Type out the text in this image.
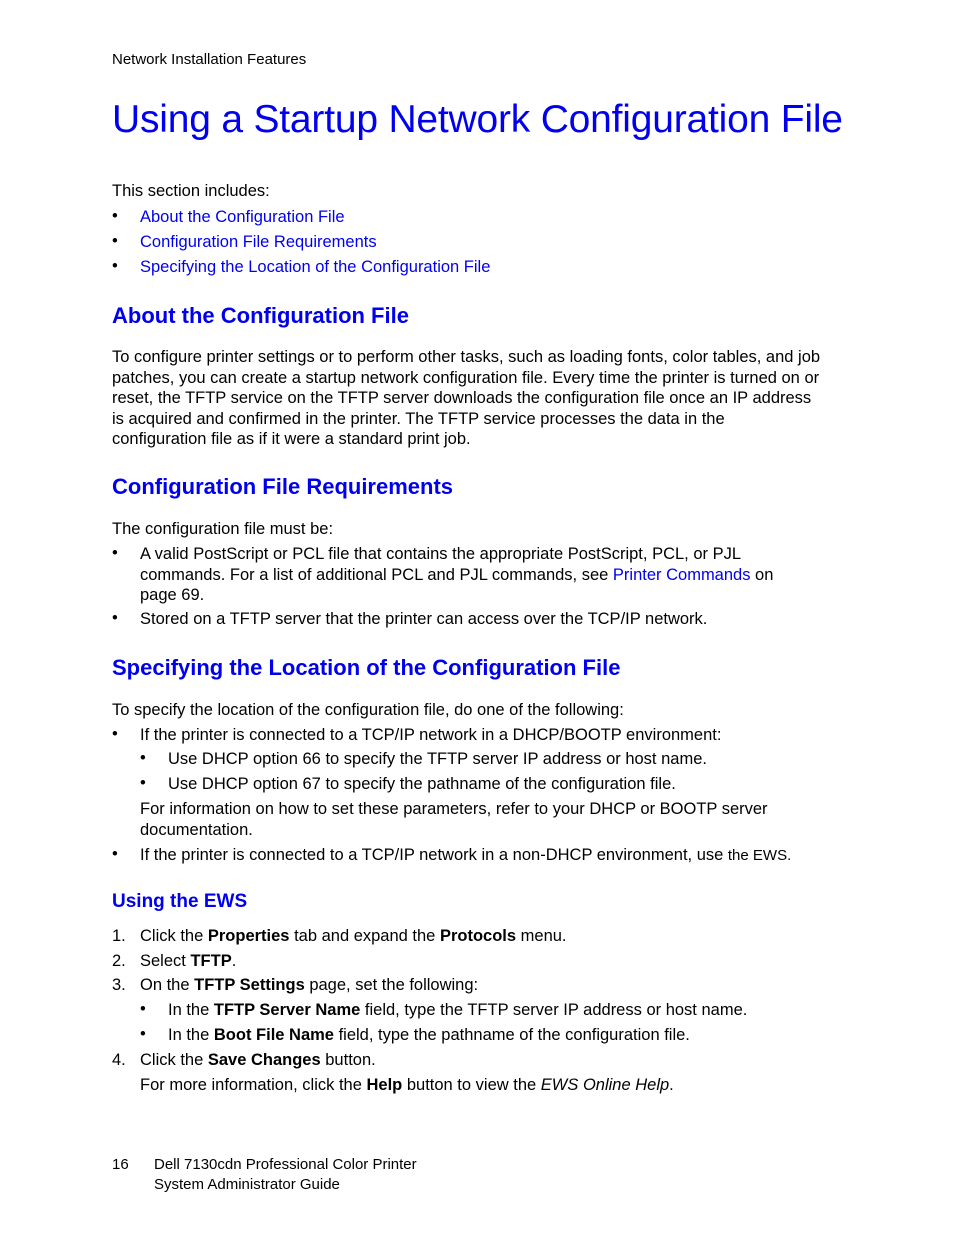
Network Installation Features
Using a Startup Network Configuration File
This section includes:
• About the Configuration File
• Configuration File Requirements
• Specifying the Location of the Configuration File
About the Configuration File
To configure printer settings or to perform other tasks, such as loading fonts, color tables, and job
patches, you can create a startup network configuration file. Every time the printer is turned on or
reset, the TFTP service on the TFTP server downloads the configuration file once an IP address
is acquired and confirmed in the printer. The TFTP service processes the data in the
configuration file as if it were a standard print job.
Configuration File Requirements
The configuration file must be:
• A valid PostScript or PCL file that contains the appropriate PostScript, PCL, or PJL
commands. For a list of additional PCL and PJL commands, see Printer Commands on
page 69.
• Stored on a TFTP server that the printer can access over the TCP/IP network.
Specifying the Location of the Configuration File
To specify the location of the configuration file, do one of the following:
• If the printer is connected to a TCP/IP network in a DHCP/BOOTP environment:
• Use DHCP option 66 to specify the TFTP server IP address or host name.
• Use DHCP option 67 to specify the pathname of the configuration file.
For information on how to set these parameters, refer to your DHCP or BOOTP server
documentation.
• If the printer is connected to a TCP/IP network in a non-DHCP environment, use the EWS.
Using the EWS
1. Click the Properties tab and expand the Protocols menu.
2. Select TFTP.
3. On the TFTP Settings page, set the following:
• In the TFTP Server Name field, type the TFTP server IP address or host name.
• In the Boot File Name field, type the pathname of the configuration file.
4. Click the Save Changes button.
For more information, click the Help button to view the EWS Online Help.
16 Dell 7130cdn Professional Color Printer
System Administrator Guide
